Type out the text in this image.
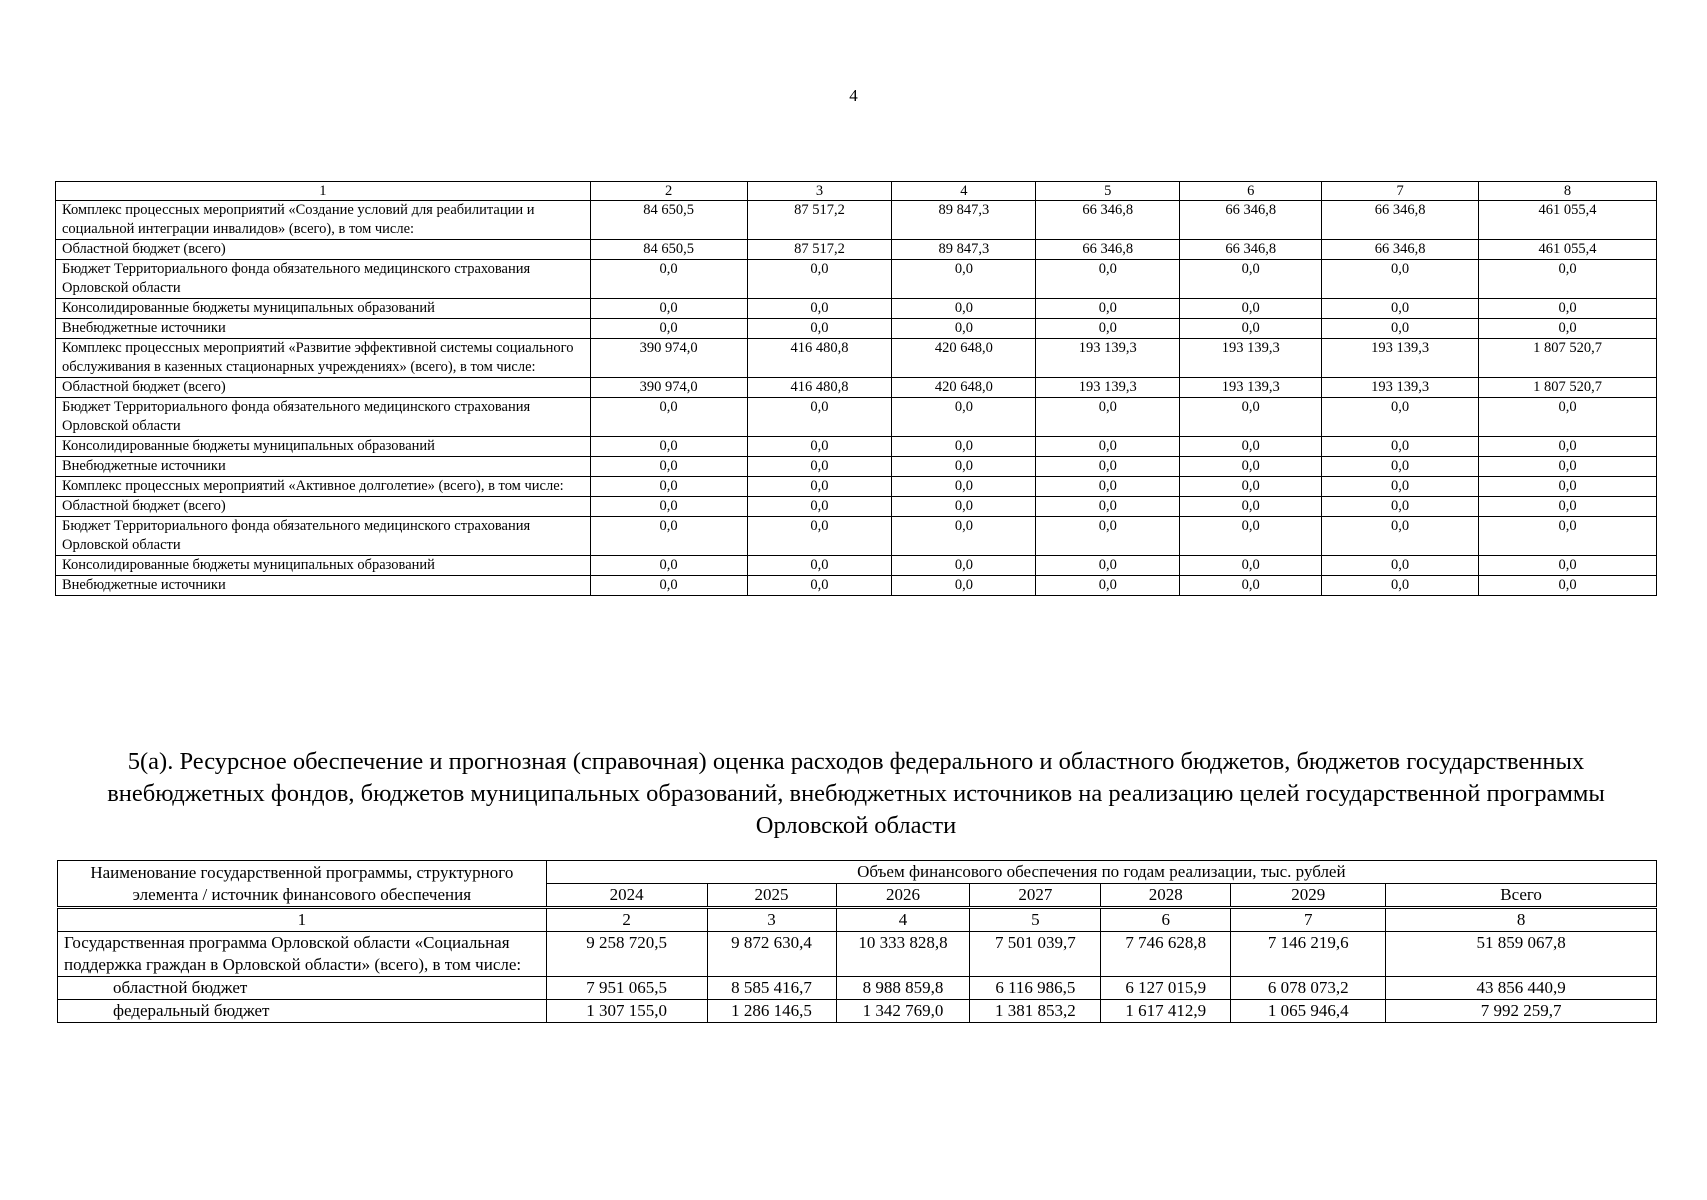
4
1	2	3	4	5	6	7	8
Комплекс процессных мероприятий «Создание условий для реабилитации и социальной интеграции инвалидов» (всего), в том числе:	84 650,5	87 517,2	89 847,3	66 346,8	66 346,8	66 346,8	461 055,4
Областной бюджет (всего)	84 650,5	87 517,2	89 847,3	66 346,8	66 346,8	66 346,8	461 055,4
Бюджет Территориального фонда обязательного медицинского страхования Орловской области	0,0	0,0	0,0	0,0	0,0	0,0	0,0
Консолидированные бюджеты муниципальных образований	0,0	0,0	0,0	0,0	0,0	0,0	0,0
Внебюджетные источники	0,0	0,0	0,0	0,0	0,0	0,0	0,0
Комплекс процессных мероприятий «Развитие эффективной системы социального обслуживания в казенных стационарных учреждениях» (всего), в том числе:	390 974,0	416 480,8	420 648,0	193 139,3	193 139,3	193 139,3	1 807 520,7
Областной бюджет (всего)	390 974,0	416 480,8	420 648,0	193 139,3	193 139,3	193 139,3	1 807 520,7
Бюджет Территориального фонда обязательного медицинского страхования Орловской области	0,0	0,0	0,0	0,0	0,0	0,0	0,0
Консолидированные бюджеты муниципальных образований	0,0	0,0	0,0	0,0	0,0	0,0	0,0
Внебюджетные источники	0,0	0,0	0,0	0,0	0,0	0,0	0,0
Комплекс процессных мероприятий «Активное долголетие» (всего), в том числе:	0,0	0,0	0,0	0,0	0,0	0,0	0,0
Областной бюджет (всего)	0,0	0,0	0,0	0,0	0,0	0,0	0,0
Бюджет Территориального фонда обязательного медицинского страхования Орловской области	0,0	0,0	0,0	0,0	0,0	0,0	0,0
Консолидированные бюджеты муниципальных образований	0,0	0,0	0,0	0,0	0,0	0,0	0,0
Внебюджетные источники	0,0	0,0	0,0	0,0	0,0	0,0	0,0
5(а). Ресурсное обеспечение и прогнозная (справочная) оценка расходов федерального и областного бюджетов, бюджетов государственных внебюджетных фондов, бюджетов муниципальных образований, внебюджетных источников на реализацию целей государственной программы Орловской области
Наименование государственной программы, структурного элемента / источник финансового обеспечения	Объем финансового обеспечения по годам реализации, тыс. рублей						
	2024	2025	2026	2027	2028	2029	Всего
1	2	3	4	5	6	7	8
Государственная программа Орловской области «Социальная поддержка граждан в Орловской области» (всего), в том числе:	9 258 720,5	9 872 630,4	10 333 828,8	7 501 039,7	7 746 628,8	7 146 219,6	51 859 067,8
областной бюджет	7 951 065,5	8 585 416,7	8 988 859,8	6 116 986,5	6 127 015,9	6 078 073,2	43 856 440,9
федеральный бюджет	1 307 155,0	1 286 146,5	1 342 769,0	1 381 853,2	1 617 412,9	1 065 946,4	7 992 259,7
